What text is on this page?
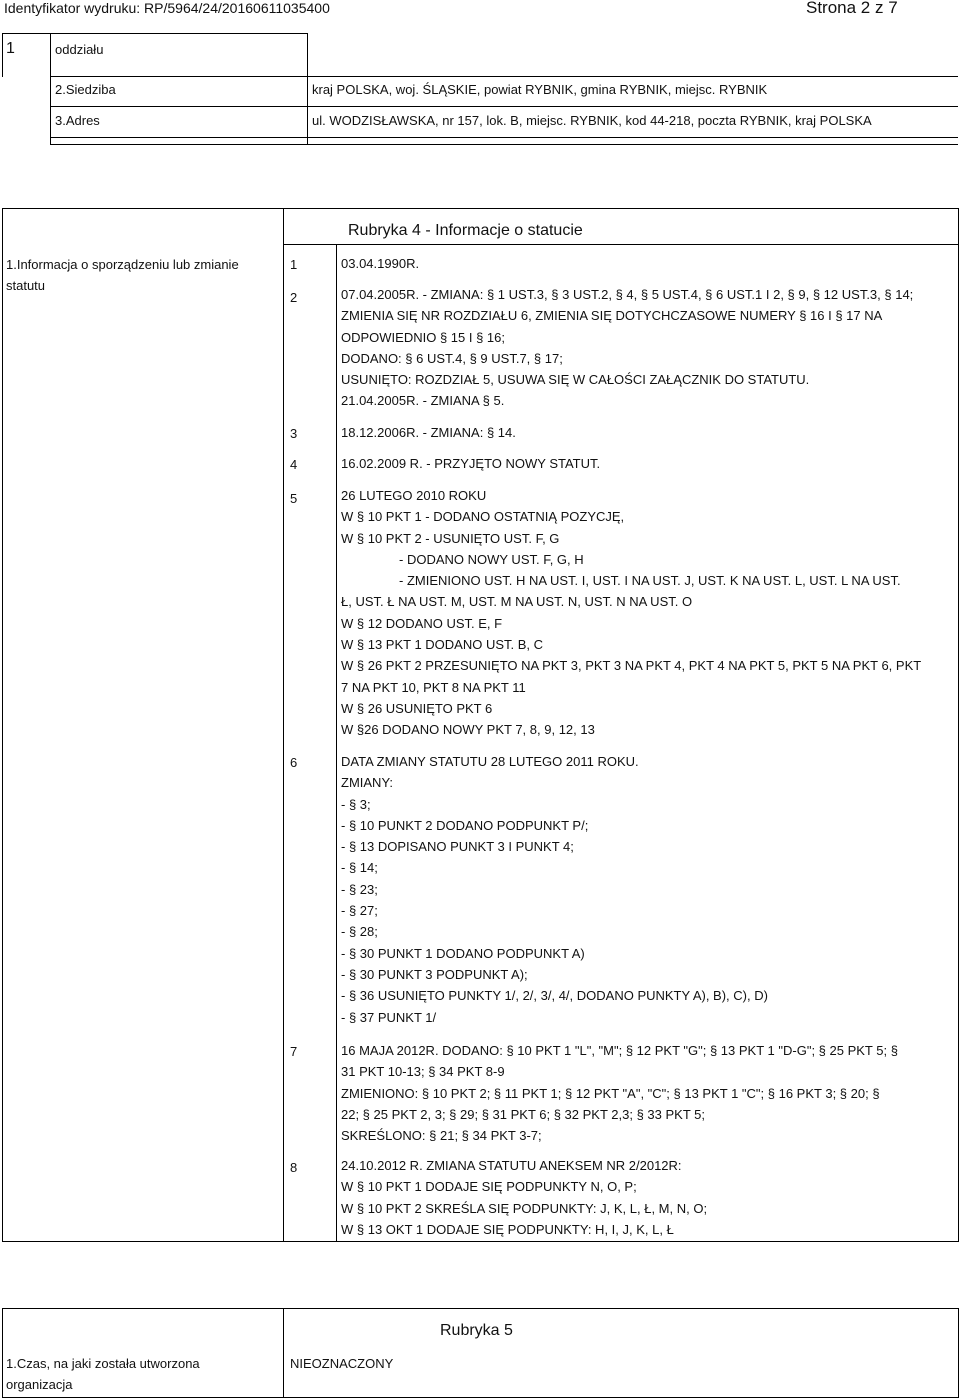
Identyfikator wydruku: RP/5964/24/20160611035400	Strona 2 z 7
1	oddziału
2.Siedziba	kraj POLSKA, woj. ŚLĄSKIE, powiat RYBNIK, gmina RYBNIK, miejsc. RYBNIK
3.Adres	ul. WODZISŁAWSKA, nr 157, lok. B, miejsc. RYBNIK, kod 44-218, poczta RYBNIK, kraj POLSKA
Rubryka 4 - Informacje o statucie
1.Informacja o sporządzeniu lub zmianie
statutu
1	03.04.1990R.
2	07.04.2005R. - ZMIANA: § 1 UST.3, § 3 UST.2, § 4, § 5 UST.4, § 6 UST.1 I 2, § 9, § 12 UST.3, § 14;
ZMIENIA SIĘ NR ROZDZIAŁU 6, ZMIENIA SIĘ DOTYCHCZASOWE NUMERY § 16 I § 17 NA
ODPOWIEDNIO § 15 I § 16;
DODANO: § 6 UST.4, § 9 UST.7, § 17;
USUNIĘTO: ROZDZIAŁ 5, USUWA SIĘ W CAŁOŚCI ZAŁĄCZNIK DO STATUTU.
21.04.2005R. - ZMIANA § 5.
3	18.12.2006R. - ZMIANA: § 14.
4	16.02.2009 R. - PRZYJĘTO NOWY STATUT.
5	26 LUTEGO 2010 ROKU
W § 10 PKT 1 - DODANO OSTATNIĄ POZYCJĘ,
W § 10 PKT 2 - USUNIĘTO UST. F, G
- DODANO NOWY UST. F, G, H
- ZMIENIONO UST. H NA UST. I, UST. I NA UST. J, UST. K NA UST. L, UST. L NA UST.
Ł, UST. Ł NA UST. M, UST. M NA UST. N, UST. N NA UST. O
W § 12 DODANO UST. E, F
W § 13 PKT 1 DODANO UST. B, C
W § 26 PKT 2 PRZESUNIĘTO NA PKT 3, PKT 3 NA PKT 4, PKT 4 NA PKT 5, PKT 5 NA PKT 6, PKT
7 NA PKT 10, PKT 8 NA PKT 11
W § 26 USUNIĘTO PKT 6
W §26 DODANO NOWY PKT 7, 8, 9, 12, 13
6	DATA ZMIANY STATUTU 28 LUTEGO 2011 ROKU.
ZMIANY:
- § 3;
- § 10 PUNKT 2 DODANO PODPUNKT P/;
- § 13 DOPISANO PUNKT 3 I PUNKT 4;
- § 14;
- § 23;
- § 27;
- § 28;
- § 30 PUNKT 1 DODANO PODPUNKT A)
- § 30 PUNKT 3 PODPUNKT A);
- § 36 USUNIĘTO PUNKTY 1/, 2/, 3/, 4/, DODANO PUNKTY A), B), C), D)
- § 37 PUNKT 1/
7	16 MAJA 2012R. DODANO: § 10 PKT 1 "L", "M"; § 12 PKT "G"; § 13 PKT 1 "D-G"; § 25 PKT 5; §
31 PKT 10-13; § 34 PKT 8-9
ZMIENIONO: § 10 PKT 2; § 11 PKT 1; § 12 PKT "A", "C"; § 13 PKT 1 "C"; § 16 PKT 3; § 20; §
22; § 25 PKT 2, 3; § 29; § 31 PKT 6; § 32 PKT 2,3; § 33 PKT 5;
SKREŚLONO: § 21; § 34 PKT 3-7;
8	24.10.2012 R. ZMIANA STATUTU ANEKSEM NR 2/2012R:
W § 10 PKT 1 DODAJE SIĘ PODPUNKTY N, O, P;
W § 10 PKT 2 SKREŚLA SIĘ PODPUNKTY: J, K, L, Ł, M, N, O;
W § 13 OKT 1 DODAJE SIĘ PODPUNKTY: H, I, J, K, L, Ł
Rubryka 5
1.Czas, na jaki została utworzona
organizacja
NIEOZNACZONY
